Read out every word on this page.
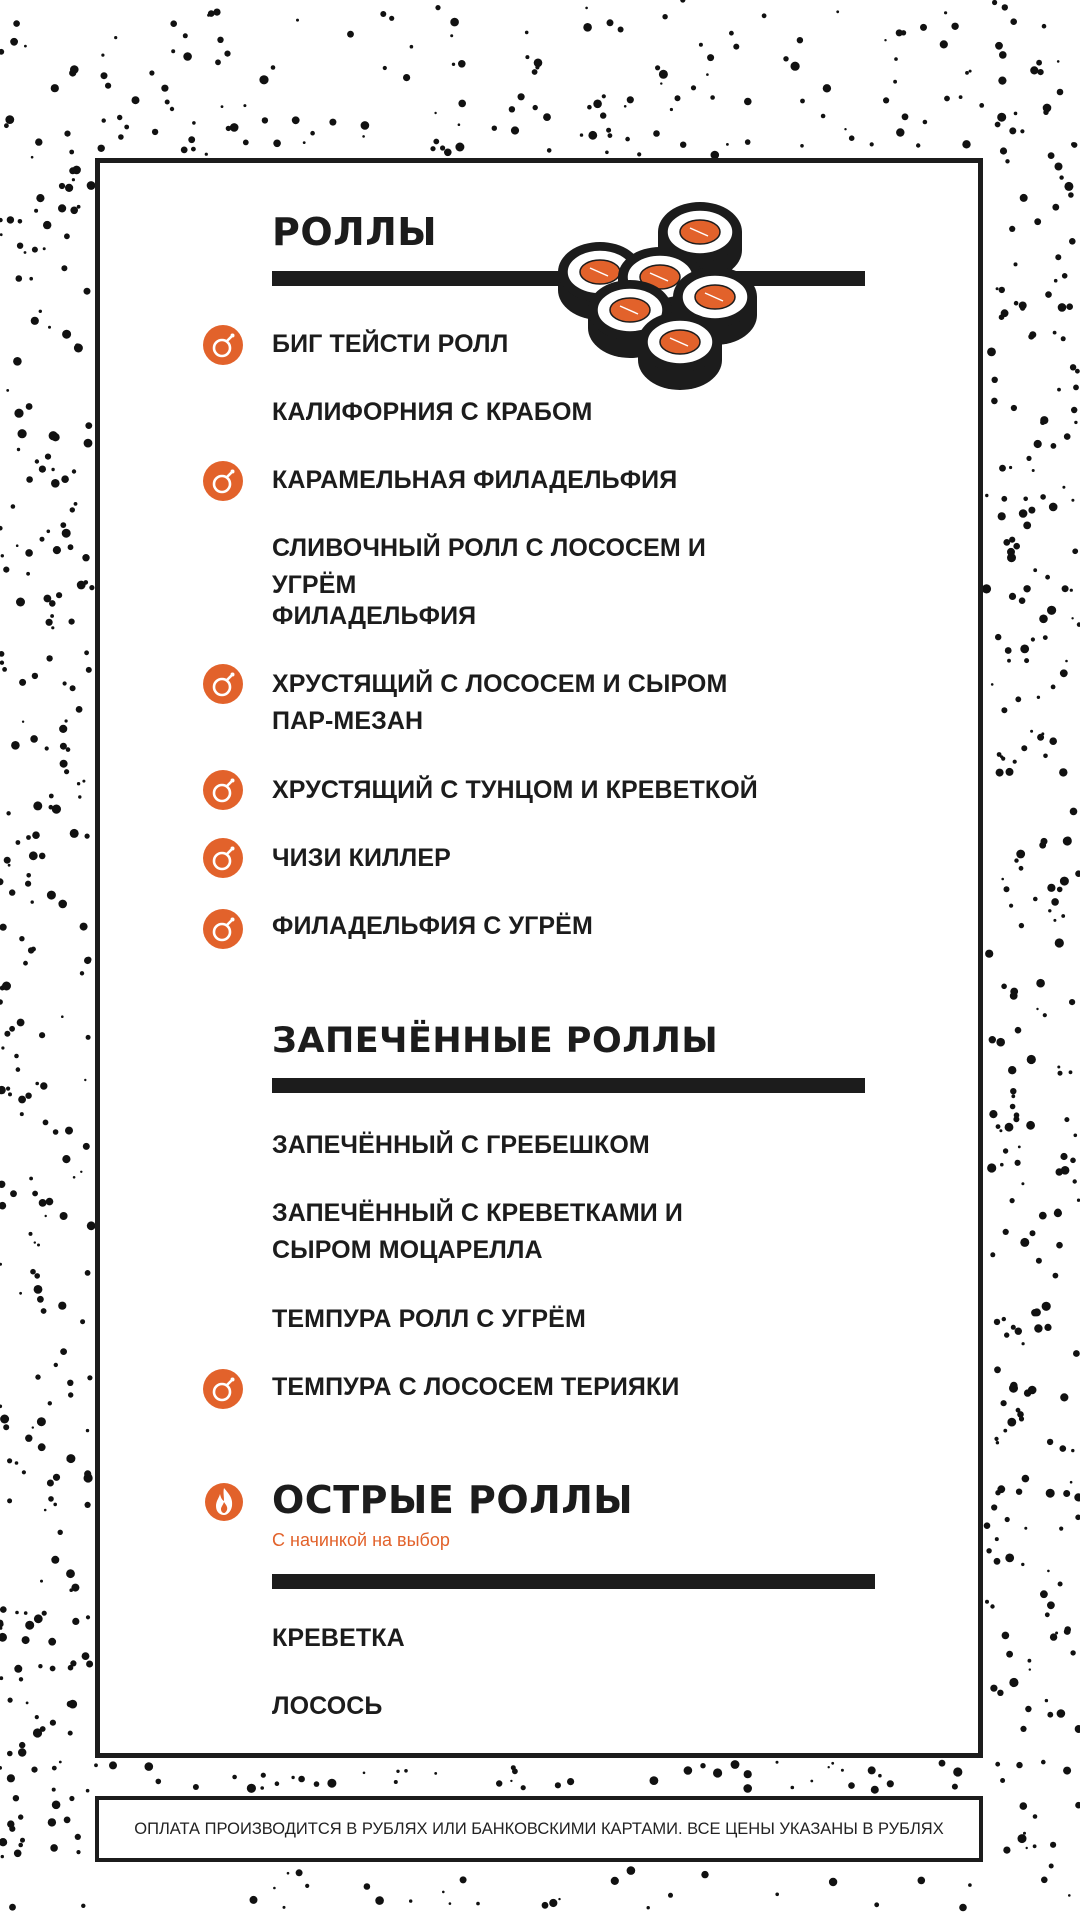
РОЛЛЫ
БИГ ТЕЙСТИ РОЛЛ
КАЛИФОРНИЯ С КРАБОМ
КАРАМЕЛЬНАЯ ФИЛАДЕЛЬФИЯ
СЛИВОЧНЫЙ РОЛЛ С ЛОСОСЕМ И УГРЁМ
ФИЛАДЕЛЬФИЯ
ХРУСТЯЩИЙ С ЛОСОСЕМ И СЫРОМ ПАР-МЕЗАН
ХРУСТЯЩИЙ С ТУНЦОМ И КРЕВЕТКОЙ
ЧИЗИ КИЛЛЕР
ФИЛАДЕЛЬФИЯ С УГРЁМ
ЗАПЕЧЁННЫЕ РОЛЛЫ
ЗАПЕЧЁННЫЙ С ГРЕБЕШКОМ
ЗАПЕЧЁННЫЙ С КРЕВЕТКАМИ И СЫРОМ МОЦАРЕЛЛА
ТЕМПУРА РОЛЛ С УГРЁМ
ТЕМПУРА С ЛОСОСЕМ ТЕРИЯКИ
ОСТРЫЕ РОЛЛЫ
С начинкой на выбор
КРЕВЕТКА
ЛОСОСЬ
ОПЛАТА ПРОИЗВОДИТСЯ В РУБЛЯХ ИЛИ БАНКОВСКИМИ КАРТАМИ. ВСЕ ЦЕНЫ УКАЗАНЫ В РУБЛЯХ
